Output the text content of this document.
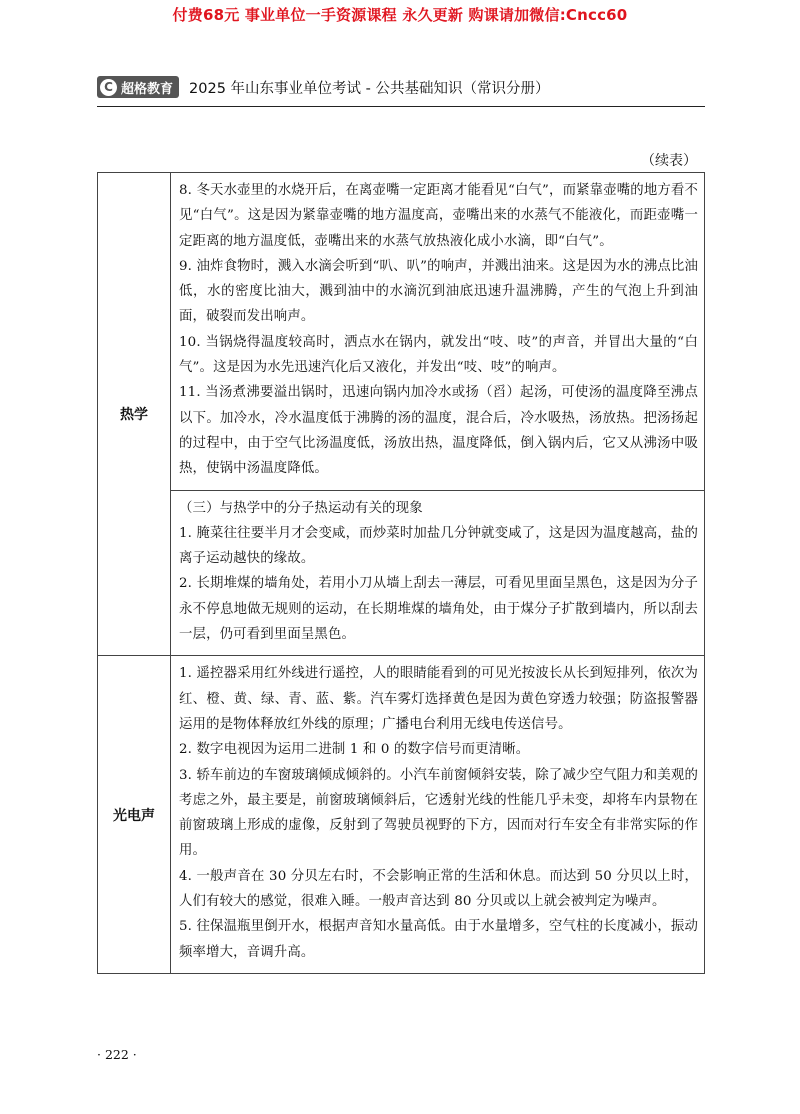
付费68元 事业单位一手资源课程 永久更新 购课请加微信:Cncc60
C 超格教育 2025 年山东事业单位考试 - 公共基础知识（常识分册）
（续表）
热学	8. 冬天水壶里的水烧开后，在离壶嘴一定距离才能看见“白气”，而紧靠壶嘴的地方看不见“白气”。这是因为紧靠壶嘴的地方温度高，壶嘴出来的水蒸气不能液化，而距壶嘴一定距离的地方温度低，壶嘴出来的水蒸气放热液化成小水滴，即“白气”。

9. 油炸食物时，溅入水滴会听到“叭、叭”的响声，并溅出油来。这是因为水的沸点比油低，水的密度比油大，溅到油中的水滴沉到油底迅速升温沸腾，产生的气泡上升到油面，破裂而发出响声。

10. 当锅烧得温度较高时，洒点水在锅内，就发出“吱、吱”的声音，并冒出大量的“白气”。这是因为水先迅速汽化后又液化，并发出“吱、吱”的响声。

11. 当汤煮沸要溢出锅时，迅速向锅内加冷水或扬（舀）起汤，可使汤的温度降至沸点以下。加冷水，冷水温度低于沸腾的汤的温度，混合后，冷水吸热，汤放热。把汤扬起的过程中，由于空气比汤温度低，汤放出热，温度降低，倒入锅内后，它又从沸汤中吸热，使锅中汤温度降低。

	（三）与热学中的分子热运动有关的现象

1. 腌菜往往要半月才会变咸，而炒菜时加盐几分钟就变咸了，这是因为温度越高，盐的离子运动越快的缘故。

2. 长期堆煤的墙角处，若用小刀从墙上刮去一薄层，可看见里面呈黑色，这是因为分子永不停息地做无规则的运动，在长期堆煤的墙角处，由于煤分子扩散到墙内，所以刮去一层，仍可看到里面呈黑色。

光电声	1. 遥控器采用红外线进行遥控，人的眼睛能看到的可见光按波长从长到短排列，依次为红、橙、黄、绿、青、蓝、紫。汽车雾灯选择黄色是因为黄色穿透力较强；防盗报警器运用的是物体释放红外线的原理；广播电台利用无线电传送信号。

2. 数字电视因为运用二进制 1 和 0 的数字信号而更清晰。

3. 轿车前边的车窗玻璃倾成倾斜的。小汽车前窗倾斜安装，除了减少空气阻力和美观的考虑之外，最主要是，前窗玻璃倾斜后，它透射光线的性能几乎未变，却将车内景物在前窗玻璃上形成的虚像，反射到了驾驶员视野的下方，因而对行车安全有非常实际的作用。

4. 一般声音在 30 分贝左右时，不会影响正常的生活和休息。而达到 50 分贝以上时，人们有较大的感觉，很难入睡。一般声音达到 80 分贝或以上就会被判定为噪声。

5. 往保温瓶里倒开水，根据声音知水量高低。由于水量增多，空气柱的长度减小，振动频率增大，音调升高。

· 222 ·
